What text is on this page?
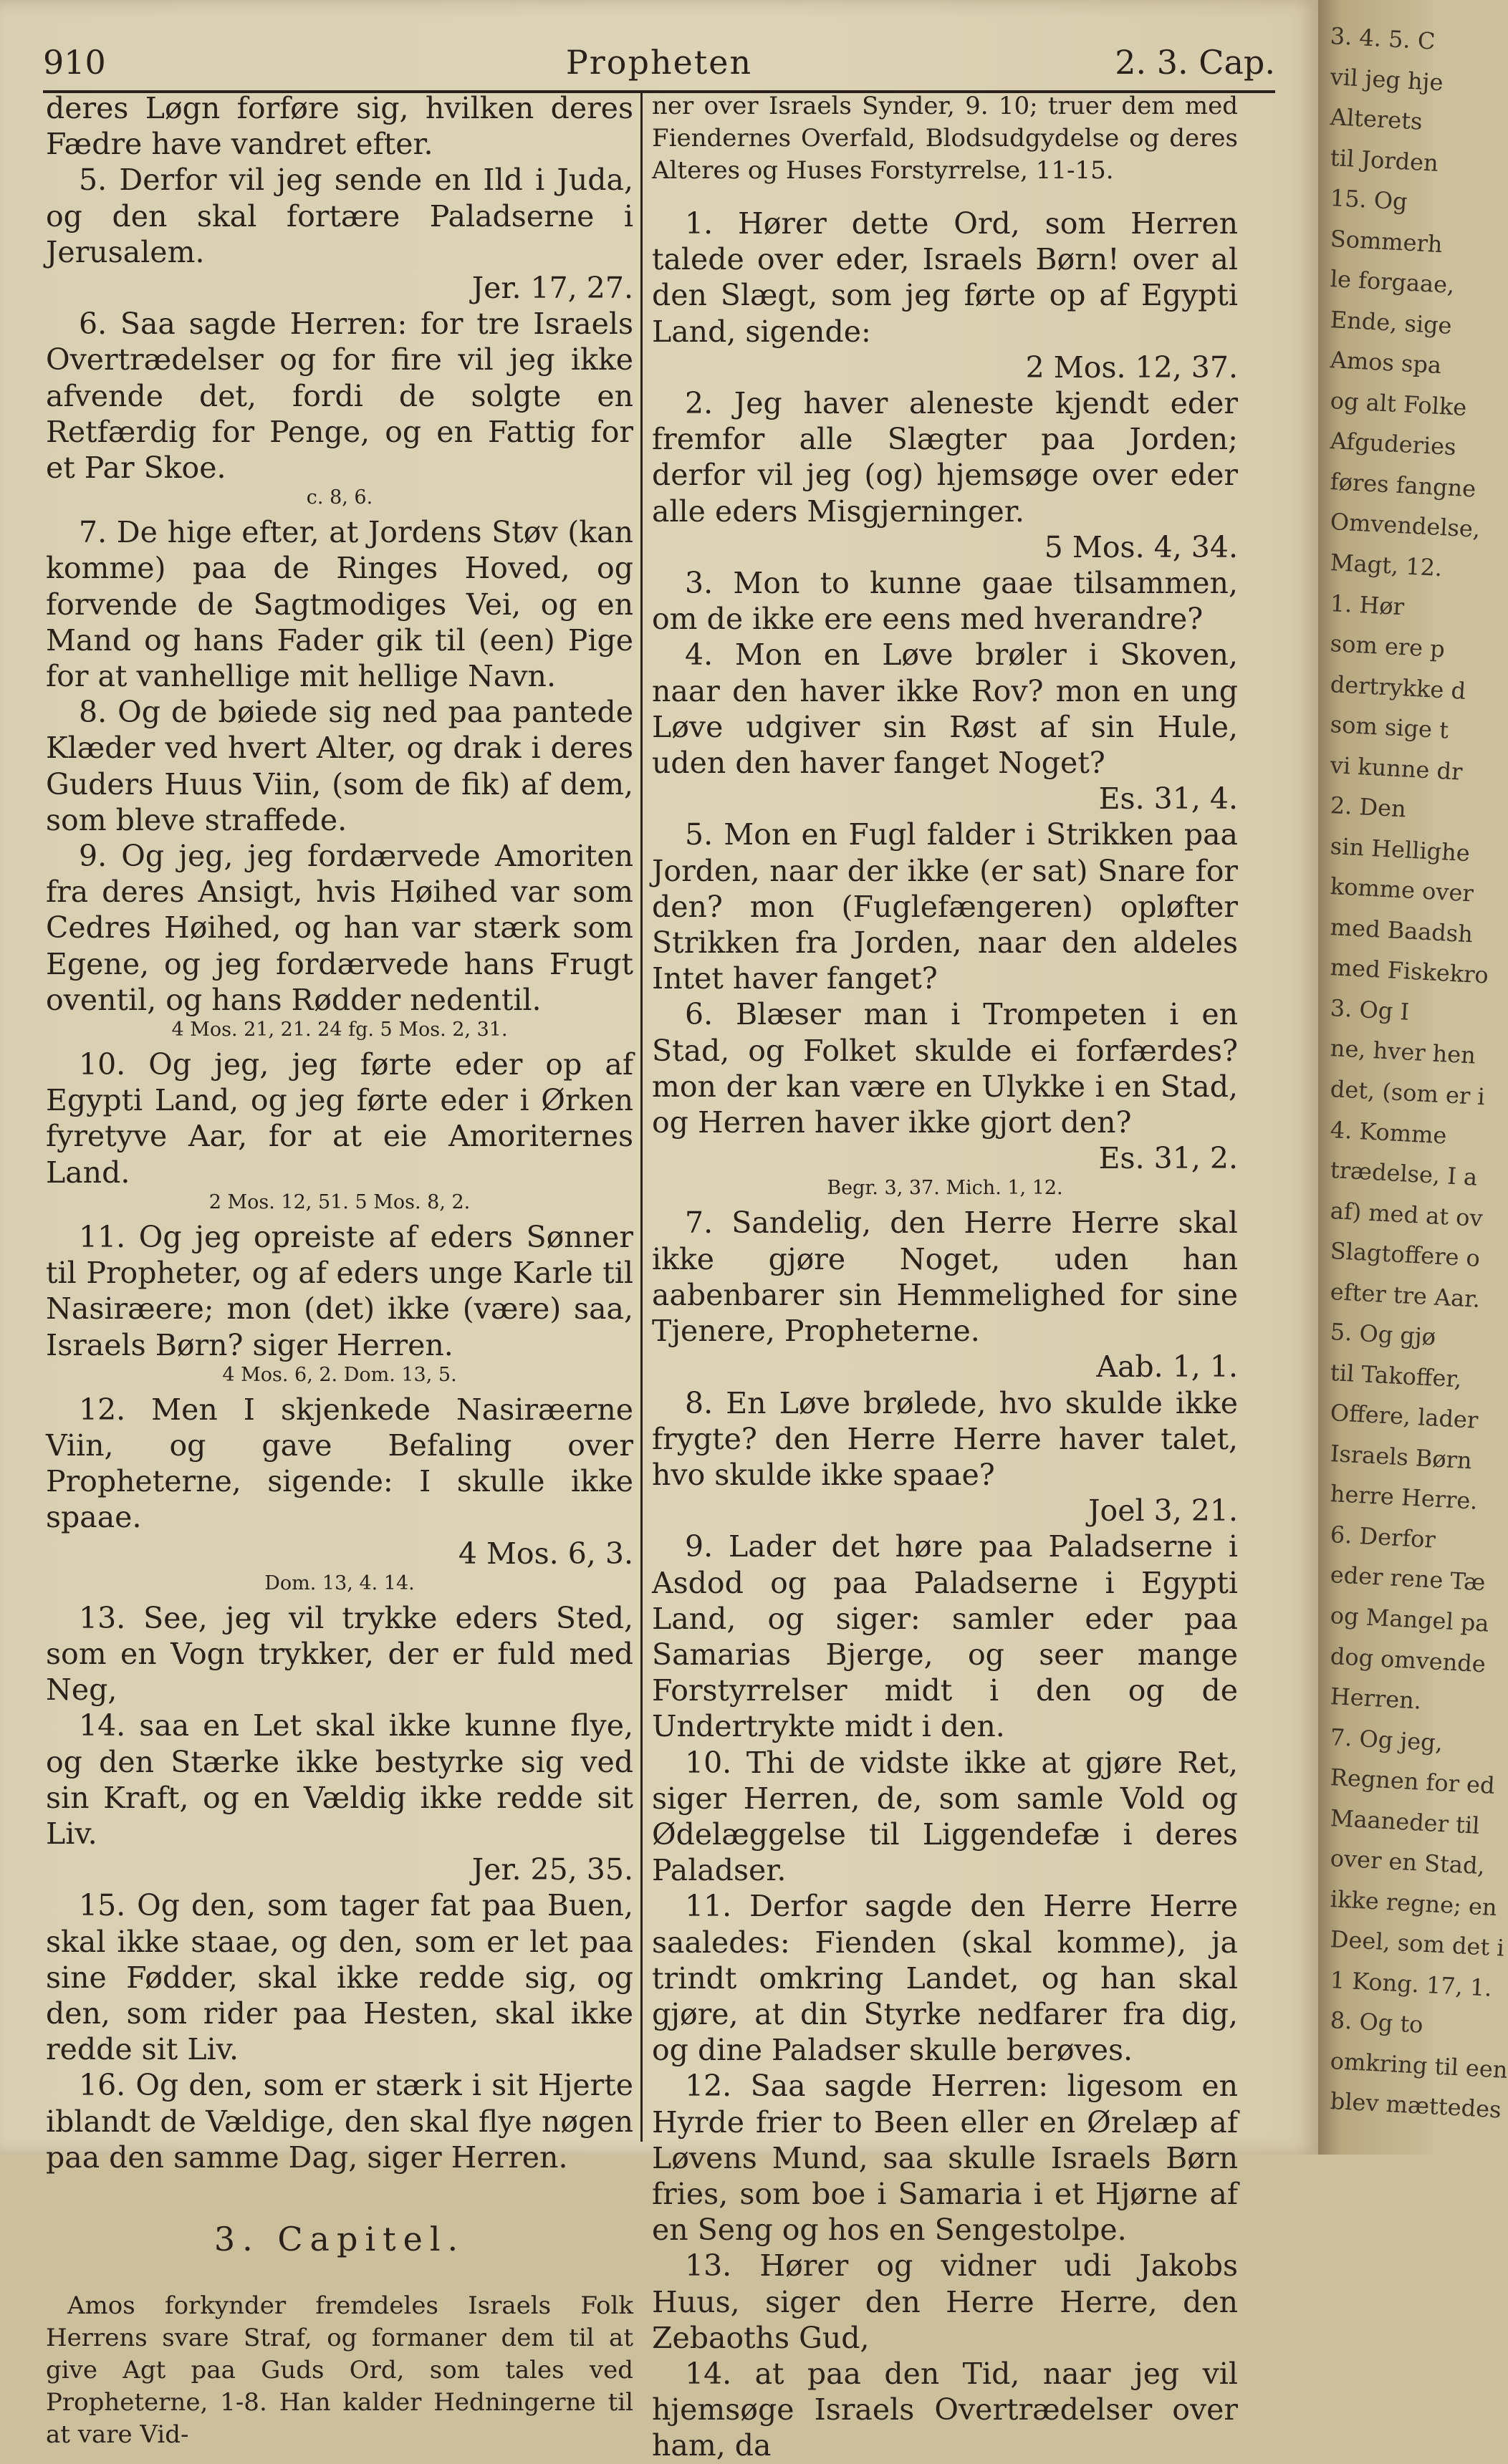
910	Propheten	2. 3. Cap.

deres Løgn forføre sig, hvilken deres Fædre have vandret efter.

5. Derfor vil jeg sende en Ild i Juda, og den skal fortære Paladserne i Jerusalem.
Jer. 17, 27.

6. Saa sagde Herren: for tre Israels Overtrædelser og for fire vil jeg ikke afvende det, fordi de solgte en Retfærdig for Penge, og en Fattig for et Par Skoe.

c. 8, 6.

7. De hige efter, at Jordens Støv (kan komme) paa de Ringes Hoved, og forvende de Sagtmodiges Vei, og en Mand og hans Fader gik til (een) Pige for at vanhellige mit hellige Navn.

8. Og de bøiede sig ned paa pantede Klæder ved hvert Alter, og drak i deres Guders Huus Viin, (som de fik) af dem, som bleve straffede.

9. Og jeg, jeg fordærvede Amoriten fra deres Ansigt, hvis Høihed var som Cedres Høihed, og han var stærk som Egene, og jeg fordærvede hans Frugt oventil, og hans Rødder nedentil.

4 Mos. 21, 21. 24 fg. 5 Mos. 2, 31.

10. Og jeg, jeg førte eder op af Egypti Land, og jeg førte eder i Ørken fyretyve Aar, for at eie Amoriternes Land.

2 Mos. 12, 51. 5 Mos. 8, 2.

11. Og jeg opreiste af eders Sønner til Propheter, og af eders unge Karle til Nasiræere; mon (det) ikke (være) saa, Israels Børn? siger Herren.

4 Mos. 6, 2. Dom. 13, 5.

12. Men I skjenkede Nasiræerne Viin, og gave Befaling over Propheterne, sigende: I skulle ikke spaae.
4 Mos. 6, 3.

Dom. 13, 4. 14.

13. See, jeg vil trykke eders Sted, som en Vogn trykker, der er fuld med Neg,

14. saa en Let skal ikke kunne flye, og den Stærke ikke bestyrke sig ved sin Kraft, og en Vældig ikke redde sit Liv.
Jer. 25, 35.

15. Og den, som tager fat paa Buen, skal ikke staae, og den, som er let paa sine Fødder, skal ikke redde sig, og den, som rider paa Hesten, skal ikke redde sit Liv.

16. Og den, som er stærk i sit Hjerte iblandt de Vældige, den skal flye nøgen paa den samme Dag, siger Herren.

3. Capitel.

Amos forkynder fremdeles Israels Folk Herrens svare Straf, og formaner dem til at give Agt paa Guds Ord, som tales ved Propheterne, 1-8. Han kalder Hedningerne til at vare Vid-

ner over Israels Synder, 9. 10; truer dem med Fiendernes Overfald, Blodsudgydelse og deres Alteres og Huses Forstyrrelse, 11-15.

1. Hører dette Ord, som Herren talede over eder, Israels Børn! over al den Slægt, som jeg førte op af Egypti Land, sigende:
2 Mos. 12, 37.

2. Jeg haver aleneste kjendt eder fremfor alle Slægter paa Jorden; derfor vil jeg (og) hjemsøge over eder alle eders Misgjerninger.
5 Mos. 4, 34.

3. Mon to kunne gaae tilsammen, om de ikke ere eens med hverandre?

4. Mon en Løve brøler i Skoven, naar den haver ikke Rov? mon en ung Løve udgiver sin Røst af sin Hule, uden den haver fanget Noget?
Es. 31, 4.

5. Mon en Fugl falder i Strikken paa Jorden, naar der ikke (er sat) Snare for den? mon (Fuglefængeren) opløfter Strikken fra Jorden, naar den aldeles Intet haver fanget?

6. Blæser man i Trompeten i en Stad, og Folket skulde ei forfærdes? mon der kan være en Ulykke i en Stad, og Herren haver ikke gjort den?
Es. 31, 2.

Begr. 3, 37. Mich. 1, 12.

7. Sandelig, den Herre Herre skal ikke gjøre Noget, uden han aabenbarer sin Hemmelighed for sine Tjenere, Propheterne.
Aab. 1, 1.

8. En Løve brølede, hvo skulde ikke frygte? den Herre Herre haver talet, hvo skulde ikke spaae?
Joel 3, 21.

9. Lader det høre paa Paladserne i Asdod og paa Paladserne i Egypti Land, og siger: samler eder paa Samarias Bjerge, og seer mange Forstyrrelser midt i den og de Undertrykte midt i den.

10. Thi de vidste ikke at gjøre Ret, siger Herren, de, som samle Vold og Ødelæggelse til Liggendefæ i deres Paladser.

11. Derfor sagde den Herre Herre saaledes: Fienden (skal komme), ja trindt omkring Landet, og han skal gjøre, at din Styrke nedfarer fra dig, og dine Paladser skulle berøves.

12. Saa sagde Herren: ligesom en Hyrde frier to Been eller en Ørelæp af Løvens Mund, saa skulle Israels Børn fries, som boe i Samaria i et Hjørne af en Seng og hos en Sengestolpe.

13. Hører og vidner udi Jakobs Huus, siger den Herre Herre, den Zebaoths Gud,

14. at paa den Tid, naar jeg vil hjemsøge Israels Overtrædelser over ham, da

3. 4. 5. C
vil jeg hje
Alterets
til Jorden
15. Og
Sommerh
le forgaae,
Ende, sige
Amos spa
og alt Folke
Afguderies
føres fangne
Omvendelse,
Magt, 12.
1. Hør
som ere p
dertrykke d
som sige t
vi kunne dr
2. Den
sin Hellighe
komme over
med Baadsh
med Fiskekro
3. Og I
ne, hver hen
det, (som er i
4. Komme
trædelse, I a
af) med at ov
Slagtoffere o
efter tre Aar.
5. Og gjø
til Takoffer,
Offere, lader
Israels Børn
herre Herre.
6. Derfor
eder rene Tæ
og Mangel pa
dog omvende
Herren.
7. Og jeg,
Regnen for ed
Maaneder til
over en Stad,
ikke regne; en
Deel, som det i
1 Kong. 17, 1.
8. Og to
omkring til een
blev mættedes
